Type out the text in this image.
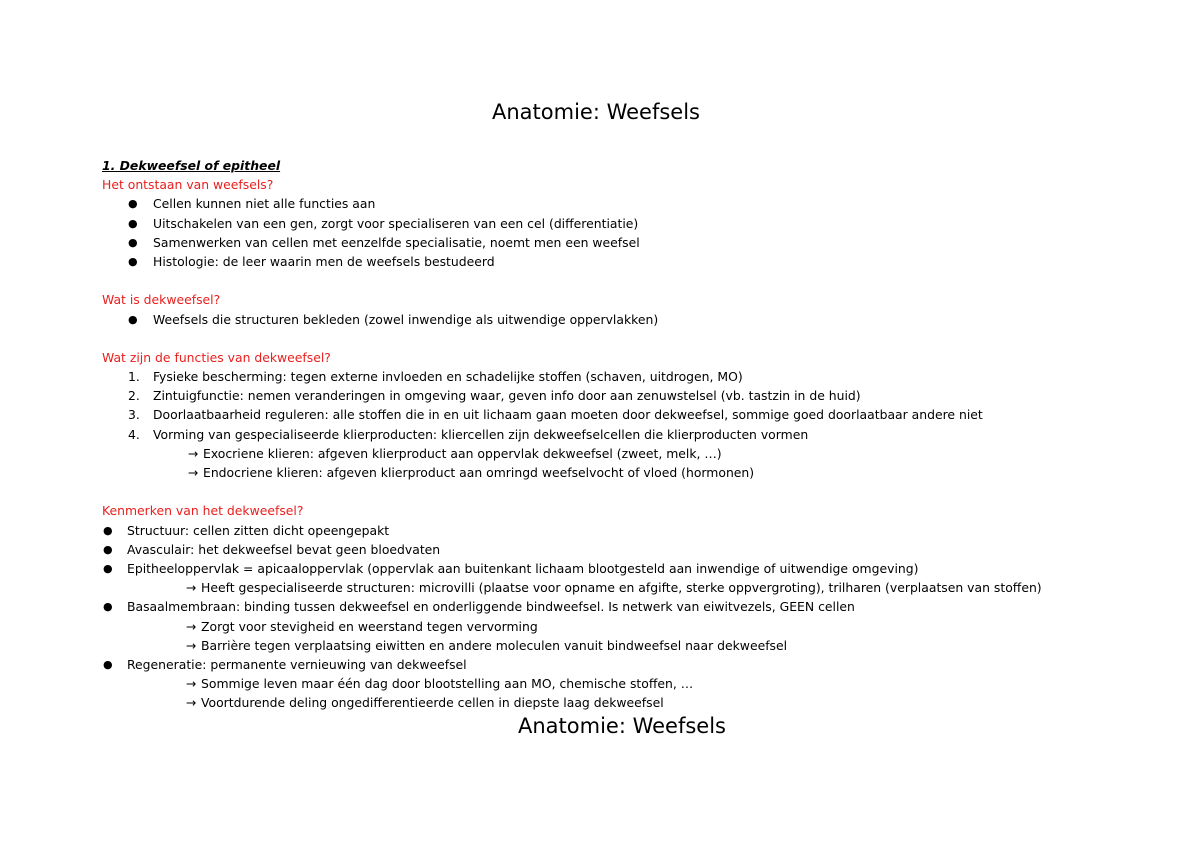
Anatomie: Weefsels
1. Dekweefsel of epitheel
Het ontstaan van weefsels?
● Cellen kunnen niet alle functies aan
● Uitschakelen van een gen, zorgt voor specialiseren van een cel (differentiatie)
● Samenwerken van cellen met eenzelfde specialisatie, noemt men een weefsel
● Histologie: de leer waarin men de weefsels bestudeerd
Wat is dekweefsel?
● Weefsels die structuren bekleden (zowel inwendige als uitwendige oppervlakken)
Wat zijn de functies van dekweefsel?
1. Fysieke bescherming: tegen externe invloeden en schadelijke stoffen (schaven, uitdrogen, MO)
2. Zintuigfunctie: nemen veranderingen in omgeving waar, geven info door aan zenuwstelsel (vb. tastzin in de huid)
3. Doorlaatbaarheid reguleren: alle stoffen die in en uit lichaam gaan moeten door dekweefsel, sommige goed doorlaatbaar andere niet
4. Vorming van gespecialiseerde klierproducten: kliercellen zijn dekweefselcellen die klierproducten vormen
→ Exocriene klieren: afgeven klierproduct aan oppervlak dekweefsel (zweet, melk, …)
→ Endocriene klieren: afgeven klierproduct aan omringd weefselvocht of vloed (hormonen)
Kenmerken van het dekweefsel?
● Structuur: cellen zitten dicht opeengepakt
● Avasculair: het dekweefsel bevat geen bloedvaten
● Epitheeloppervlak = apicaaloppervlak (oppervlak aan buitenkant lichaam blootgesteld aan inwendige of uitwendige omgeving)
→ Heeft gespecialiseerde structuren: microvilli (plaatse voor opname en afgifte, sterke oppvergroting), trilharen (verplaatsen van stoffen)
● Basaalmembraan: binding tussen dekweefsel en onderliggende bindweefsel. Is netwerk van eiwitvezels, GEEN cellen
→ Zorgt voor stevigheid en weerstand tegen vervorming
→ Barrière tegen verplaatsing eiwitten en andere moleculen vanuit bindweefsel naar dekweefsel
● Regeneratie: permanente vernieuwing van dekweefsel
→ Sommige leven maar één dag door blootstelling aan MO, chemische stoffen, …
→ Voortdurende deling ongedifferentieerde cellen in diepste laag dekweefsel
Anatomie: Weefsels
